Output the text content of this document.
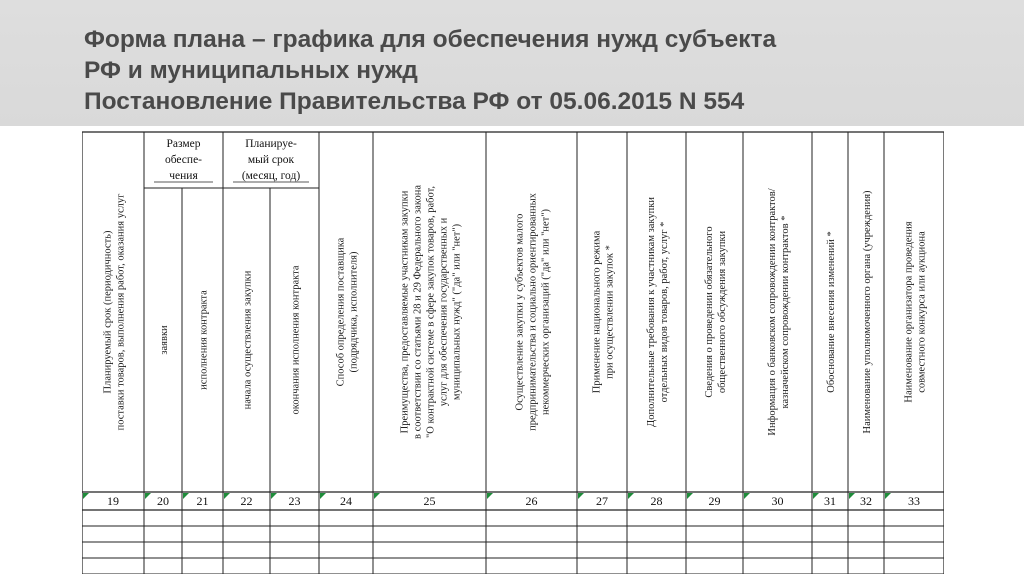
Форма плана – графика для обеспечения нужд субъекта
РФ и муниципальных нужд
Постановление Правительства РФ от 05.06.2015 N 554
Размер
обеспе-
чения
Планируе-
мый срок
(месяц, год)
Планируемый срок (периодичность) поставки товаров, выполнения работ, оказания услуг
19
заявки
20
исполнения контракта
21
начала осуществления закупки
22
окончания исполнения контракта
23
Способ определения поставщика (подрядчика, исполнителя)
24
Преимущества, предоставляемые участникам закупки в соответствии со статьями 28 и 29 Федерального закона "О контрактной системе в сфере закупок товаров, работ, услуг для обеспечения государственных и муниципальных нужд" ("да" или "нет")
25
Осуществление закупки у субъектов малого предпринимательства и социально ориентированных некоммерческих организаций ("да" или "нет")
26
Применение национального режима при осуществлении закупок *
27
Дополнительные требования к участникам закупки отдельных видов товаров, работ, услуг *
28
Сведения о проведении обязательного общественного обсуждения закупки
29
Информация о банковском сопровождении контрактов/ казначейском сопровождении контрактов *
30
Обоснование внесения изменений *
31
Наименование уполномоченного органа (учреждения)
32
Наименование организатора проведения совместного конкурса или аукциона
33
